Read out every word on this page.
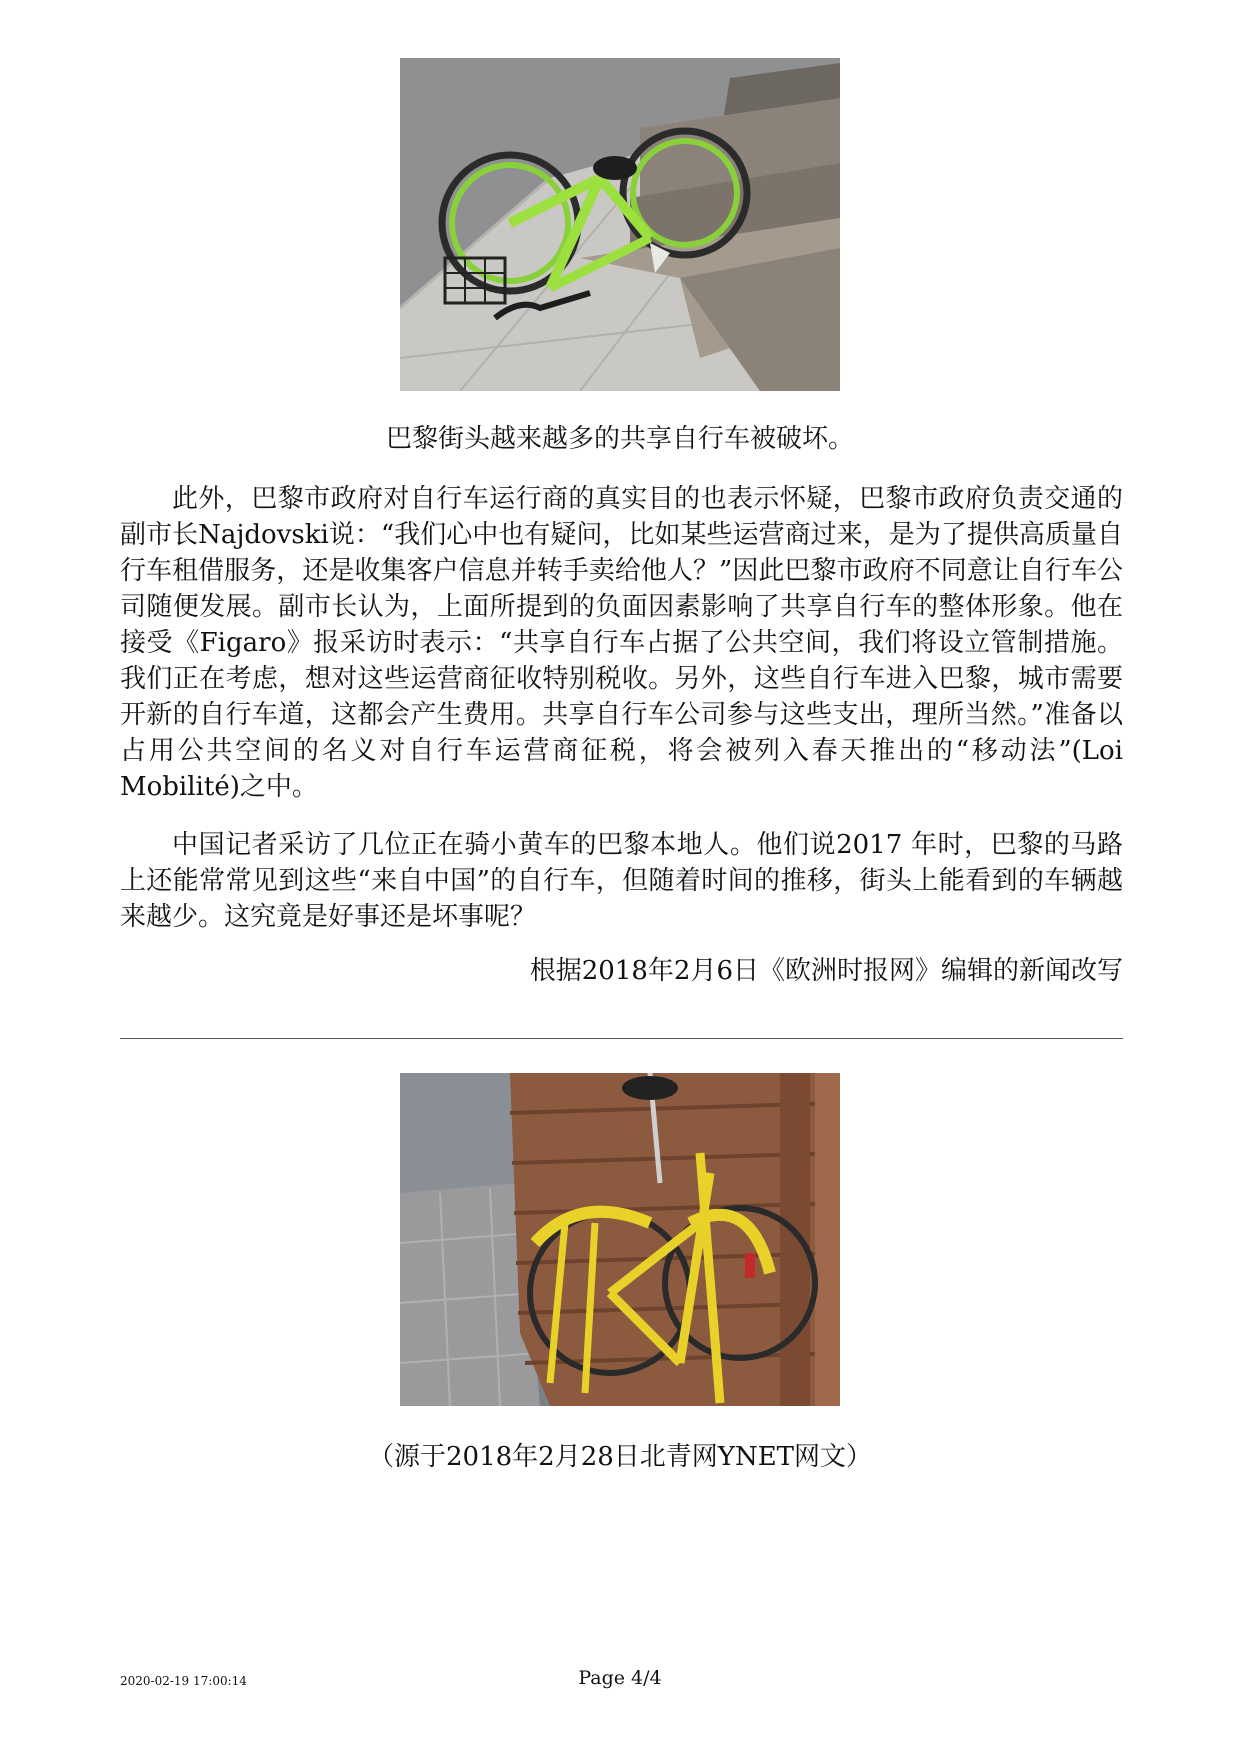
巴黎街头越来越多的共享自行车被破坏。

此外，巴黎市政府对自行车运行商的真实目的也表示怀疑，巴黎市政府负责交通的副市长Najdovski说：“我们心中也有疑问，比如某些运营商过来，是为了提供高质量自行车租借服务，还是收集客户信息并转手卖给他人？”因此巴黎市政府不同意让自行车公司随便发展。副市长认为，上面所提到的负面因素影响了共享自行车的整体形象。他在接受《Figaro》报采访时表示：“共享自行车占据了公共空间，我们将设立管制措施。我们正在考虑，想对这些运营商征收特别税收。另外，这些自行车进入巴黎，城市需要开新的自行车道，这都会产生费用。共享自行车公司参与这些支出，理所当然。”准备以占用公共空间的名义对自行车运营商征税，将会被列入春天推出的“移动法”(Loi Mobilité)之中。

中国记者采访了几位正在骑小黄车的巴黎本地人。他们说2017 年时，巴黎的马路上还能常常见到这些“来自中国”的自行车，但随着时间的推移，街头上能看到的车辆越来越少。这究竟是好事还是坏事呢？

根据2018年2月6日《欧洲时报网》编辑的新闻改写
（源于2018年2月28日北青网YNET网文）
2020-02-19 17:00:14	Page 4/4
